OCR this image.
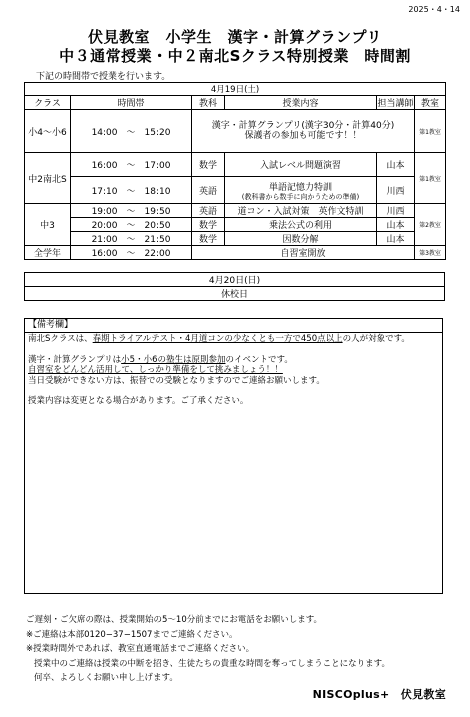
2025・4・14
伏見教室　小学生　漢字・計算グランプリ
中３通常授業・中２南北Sクラス特別授業　時間割
下記の時間帯で授業を行います。
4月19日(土)					
クラス	時間帯	教科	授業内容	担当講師	教室
小4〜小6	14:00　〜　15:20	漢字・計算グランプリ(漢字30分・計算40分)
保護者の参加も可能です！！			第1教室
中2南北S	16:00　〜　17:00	数学	入試レベル問題演習	山本	第1教室
	17:10　〜　18:10	英語	単語記憶力特訓
(教科書から数手に向かうための準備)	川西	
中3	19:00　〜　19:50	英語	道コン・入試対策　英作文特訓	川西	第2教室
	20:00　〜　20:50	数学	乗法公式の利用	山本	
	21:00　〜　21:50	数学	因数分解	山本	
全学年	16:00　〜　22:00	自習室開放			第3教室
4月20日(日)
休校日
【備考欄】

南北Sクラスは、春期トライアルテスト・4月道コンの少なくとも一方で450点以上の人が対象です。

漢字・計算グランプリは小5・小6の塾生は原則参加のイベントです。

自習室をどんどん活用して、しっかり準備をして挑みましょう！！

当日受験ができない方は、振替での受験となりますのでご連絡お願いします。

授業内容は変更となる場合があります。ご了承ください。

ご遅刻・ご欠席の際は、授業開始の5〜10分前までにお電話をお願いします。

※ご連絡は本部0120−37−1507までご連絡ください。

※授業時間外であれば、教室直通電話までご連絡ください。

授業中のご連絡は授業の中断を招き、生徒たちの貴重な時間を奪ってしまうことになります。

何卒、よろしくお願い申し上げます。

NISCOplus+　伏見教室
